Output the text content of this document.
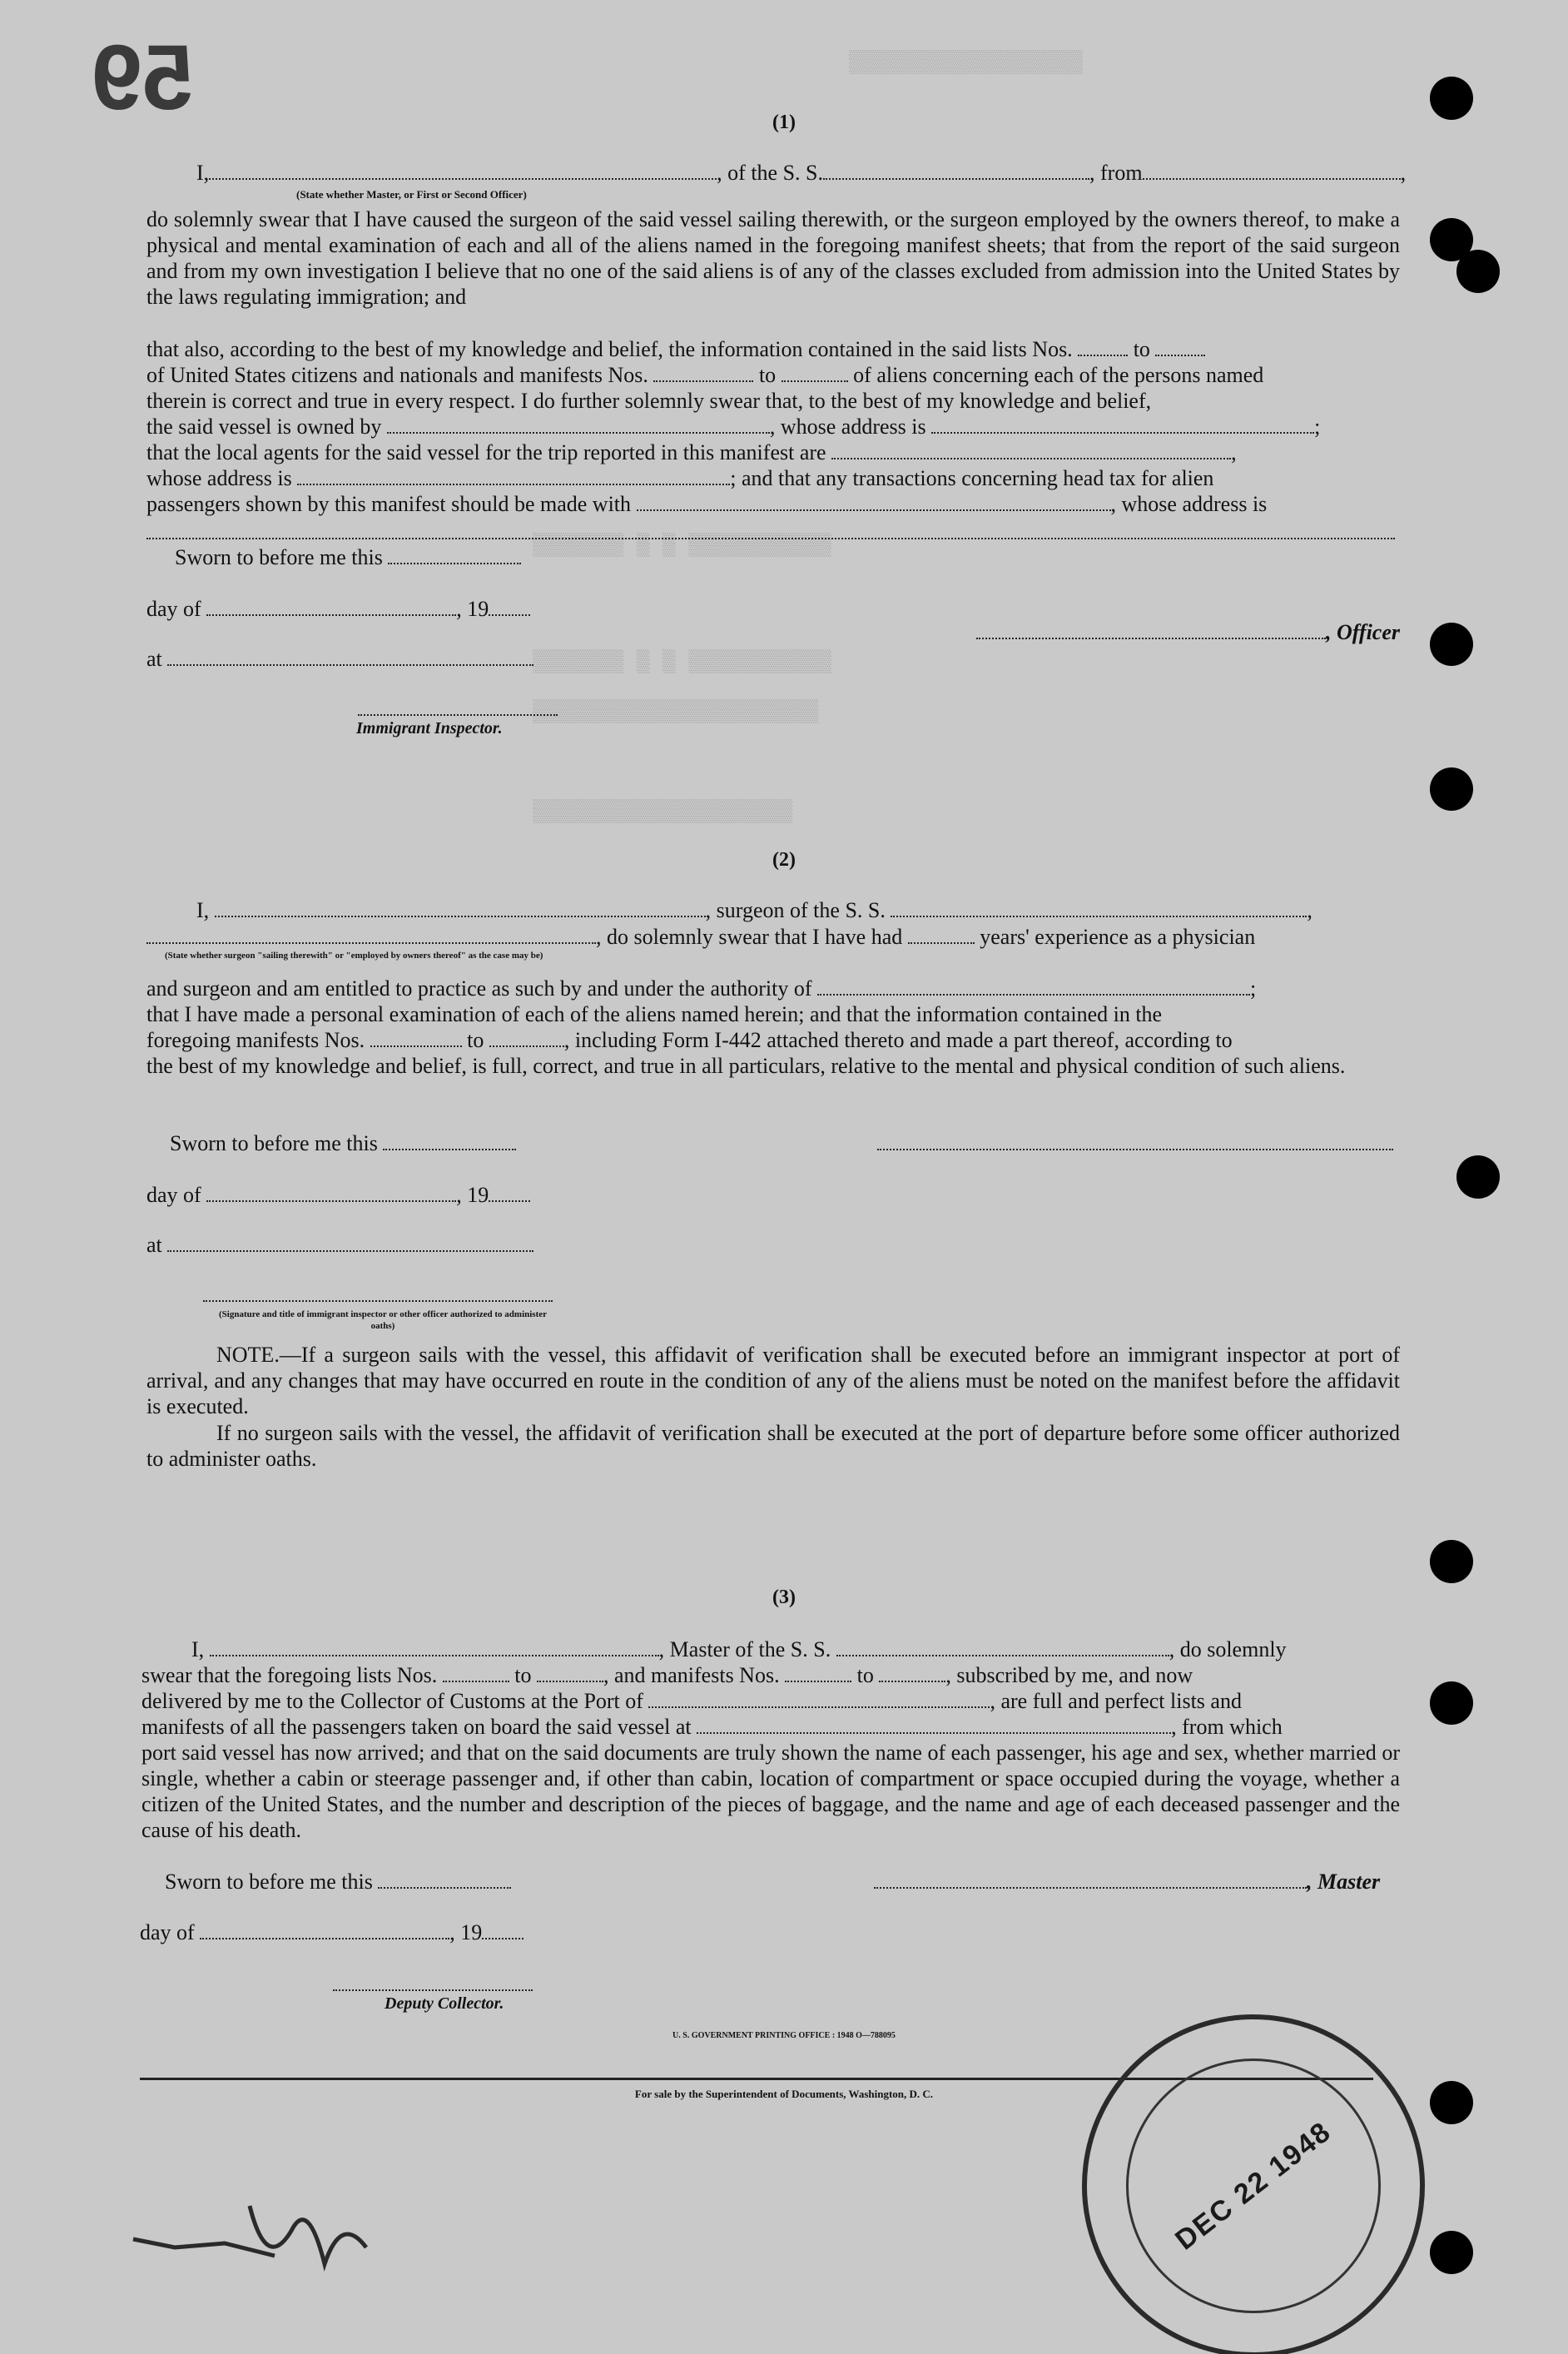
59	▒▒▒▒▒▒▒▒▒▒▒▒▒▒▒▒▒▒
▒▒▒▒▒▒▒▒▒▒▒ ▒ ▒ ▒▒▒▒▒▒▒
▒▒▒▒▒▒▒▒▒▒▒ ▒ ▒ ▒▒▒▒▒▒▒
▒▒▒▒▒▒▒▒▒▒▒▒▒▒▒▒▒▒▒▒▒▒
▒▒▒▒▒▒▒▒▒▒▒▒▒▒▒▒▒▒▒▒
(1)
I,	, of the S. S.	, from	,
(State whether Master, or First or Second Officer)
do solemnly swear that I have caused the surgeon of the said vessel sailing therewith, or the surgeon employed by the owners thereof, to make a physical and mental examination of each and all of the aliens named in the foregoing manifest sheets; that from the report of the said surgeon and from my own investigation I believe that no one of the said aliens is of any of the classes excluded from admission into the United States by the laws regulating immigration; and
that also, according to the best of my knowledge and belief, the information contained in the said lists Nos.	to
of United States citizens and nationals and manifests Nos.	to	of aliens concerning each of the persons named
therein is correct and true in every respect. I do further solemnly swear that, to the best of my knowledge and belief,
the said vessel is owned by	, whose address is	;
that the local agents for the said vessel for the trip reported in this manifest are	,
whose address is	; and that any transactions concerning head tax for alien
passengers shown by this manifest should be made with	, whose address is
Sworn to before me this
day of	, 19
, Officer
at
Immigrant Inspector.
(2)
I,	, surgeon of the S. S.	,
, do solemnly swear that I have had	years' experience as a physician
(State whether surgeon "sailing therewith" or "employed by owners thereof" as the case may be)
and surgeon and am entitled to practice as such by and under the authority of	;
that I have made a personal examination of each of the aliens named herein; and that the information contained in the
foregoing manifests Nos.	to	, including Form I-442 attached thereto and made a part thereof, according to
the best of my knowledge and belief, is full, correct, and true in all particulars, relative to the mental and physical condition of such aliens.
Sworn to before me this
day of	, 19
at
(Signature and title of immigrant inspector or other officer authorized to administer oaths)
NOTE.—If a surgeon sails with the vessel, this affidavit of verification shall be executed before an immigrant inspector at port of arrival, and any changes that may have occurred en route in the condition of any of the aliens must be noted on the manifest before the affidavit is executed.
If no surgeon sails with the vessel, the affidavit of verification shall be executed at the port of departure before some officer authorized to administer oaths.
(3)
I,	, Master of the S. S.	, do solemnly
swear that the foregoing lists Nos.	to	, and manifests Nos.	to	, subscribed by me, and now
delivered by me to the Collector of Customs at the Port of	, are full and perfect lists and
manifests of all the passengers taken on board the said vessel at	, from which
port said vessel has now arrived; and that on the said documents are truly shown the name of each passenger, his age and sex, whether married or single, whether a cabin or steerage passenger and, if other than cabin, location of compartment or space occupied during the voyage, whether a citizen of the United States, and the number and description of the pieces of baggage, and the name and age of each deceased passenger and the cause of his death.
Sworn to before me this	, Master
day of	, 19
Deputy Collector.
U. S. GOVERNMENT PRINTING OFFICE : 1948 O—788095
For sale by the Superintendent of Documents, Washington, D. C.
DEC 22 1948
